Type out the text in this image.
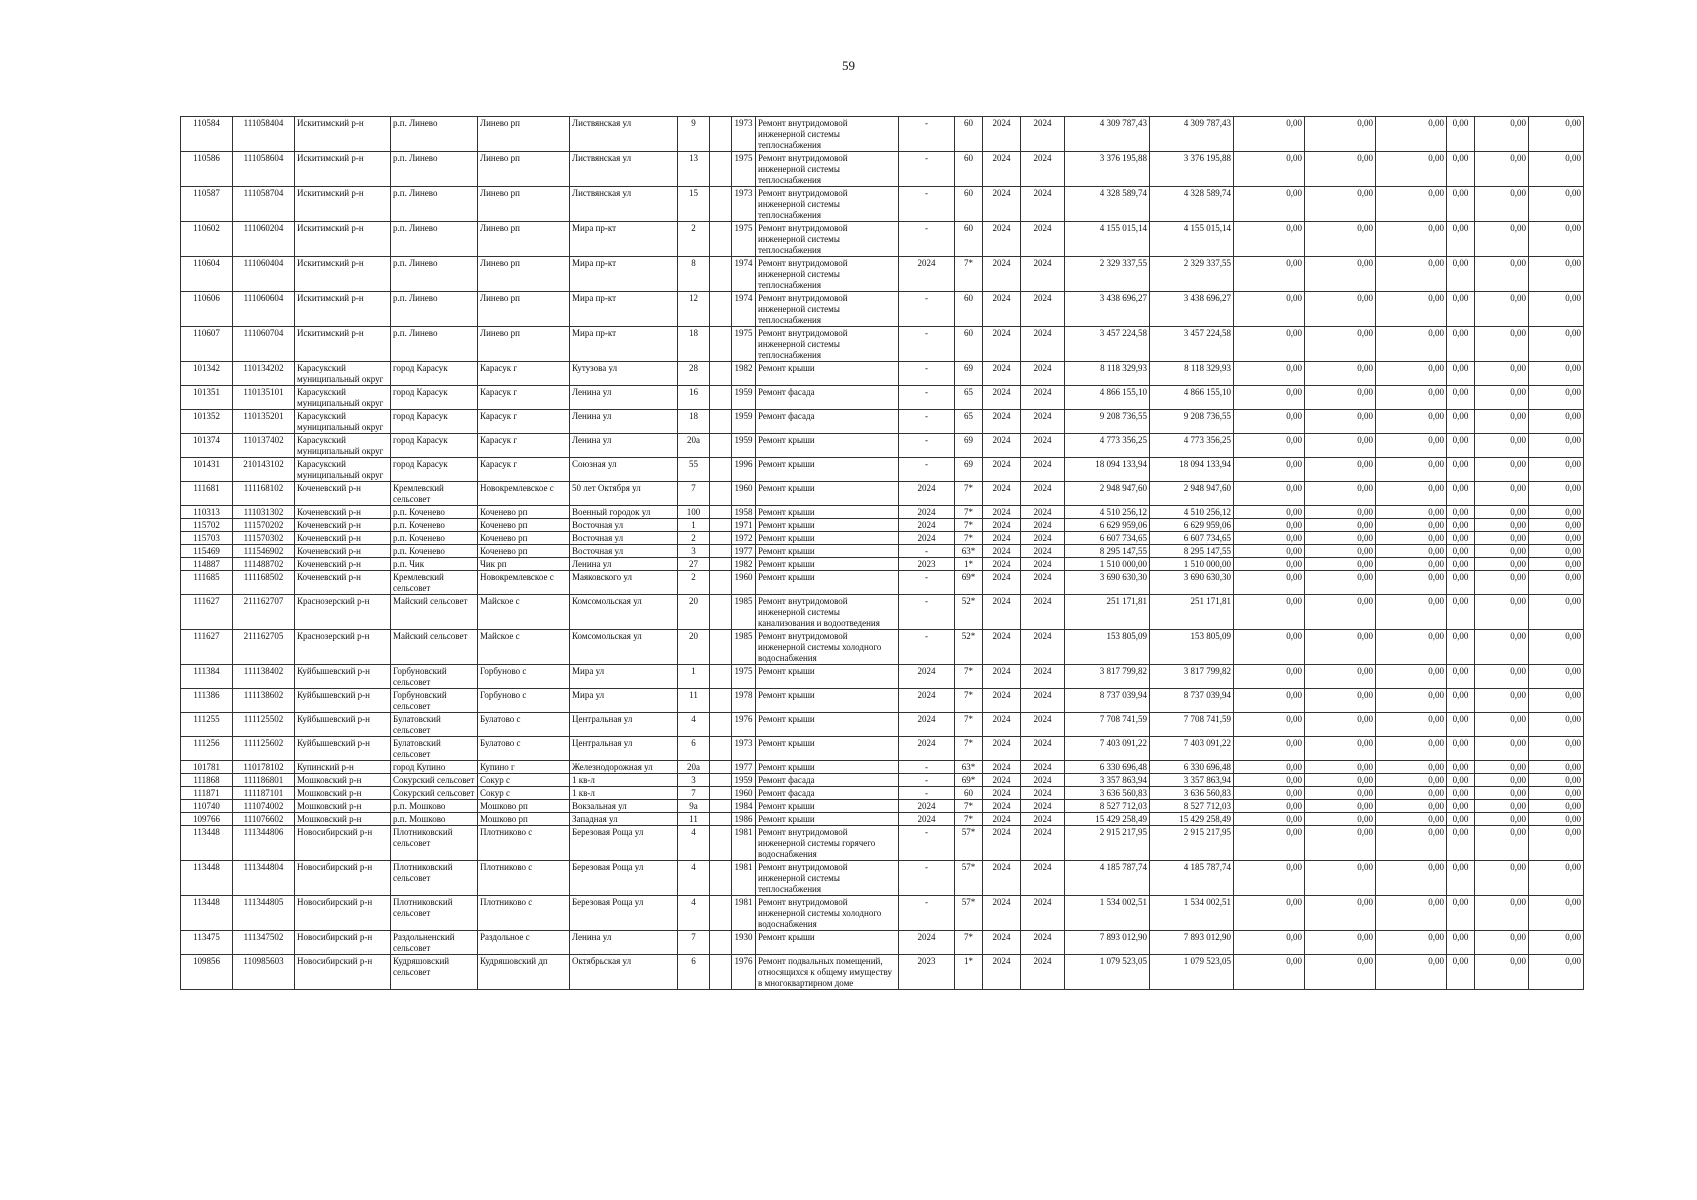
59
110584	111058404	Искитимский р-н	р.п. Линево	Линево рп	Листвянская ул	9		1973	Ремонт внутридомовой инженерной системы теплоснабжения	-	60	2024	2024	4 309 787,43	4 309 787,43	0,00	0,00	0,00	0,00	0,00	0,00
110586	111058604	Искитимский р-н	р.п. Линево	Линево рп	Листвянская ул	13		1975	Ремонт внутридомовой инженерной системы теплоснабжения	-	60	2024	2024	3 376 195,88	3 376 195,88	0,00	0,00	0,00	0,00	0,00	0,00
110587	111058704	Искитимский р-н	р.п. Линево	Линево рп	Листвянская ул	15		1973	Ремонт внутридомовой инженерной системы теплоснабжения	-	60	2024	2024	4 328 589,74	4 328 589,74	0,00	0,00	0,00	0,00	0,00	0,00
110602	111060204	Искитимский р-н	р.п. Линево	Линево рп	Мира пр-кт	2		1975	Ремонт внутридомовой инженерной системы теплоснабжения	-	60	2024	2024	4 155 015,14	4 155 015,14	0,00	0,00	0,00	0,00	0,00	0,00
110604	111060404	Искитимский р-н	р.п. Линево	Линево рп	Мира пр-кт	8		1974	Ремонт внутридомовой инженерной системы теплоснабжения	2024	7*	2024	2024	2 329 337,55	2 329 337,55	0,00	0,00	0,00	0,00	0,00	0,00
110606	111060604	Искитимский р-н	р.п. Линево	Линево рп	Мира пр-кт	12		1974	Ремонт внутридомовой инженерной системы теплоснабжения	-	60	2024	2024	3 438 696,27	3 438 696,27	0,00	0,00	0,00	0,00	0,00	0,00
110607	111060704	Искитимский р-н	р.п. Линево	Линево рп	Мира пр-кт	18		1975	Ремонт внутридомовой инженерной системы теплоснабжения	-	60	2024	2024	3 457 224,58	3 457 224,58	0,00	0,00	0,00	0,00	0,00	0,00
101342	110134202	Карасукский муниципальный округ	город Карасук	Карасук г	Кутузова ул	28		1982	Ремонт крыши	-	69	2024	2024	8 118 329,93	8 118 329,93	0,00	0,00	0,00	0,00	0,00	0,00
101351	110135101	Карасукский муниципальный округ	город Карасук	Карасук г	Ленина ул	16		1959	Ремонт фасада	-	65	2024	2024	4 866 155,10	4 866 155,10	0,00	0,00	0,00	0,00	0,00	0,00
101352	110135201	Карасукский муниципальный округ	город Карасук	Карасук г	Ленина ул	18		1959	Ремонт фасада	-	65	2024	2024	9 208 736,55	9 208 736,55	0,00	0,00	0,00	0,00	0,00	0,00
101374	110137402	Карасукский муниципальный округ	город Карасук	Карасук г	Ленина ул	20а		1959	Ремонт крыши	-	69	2024	2024	4 773 356,25	4 773 356,25	0,00	0,00	0,00	0,00	0,00	0,00
101431	210143102	Карасукский муниципальный округ	город Карасук	Карасук г	Союзная ул	55		1996	Ремонт крыши	-	69	2024	2024	18 094 133,94	18 094 133,94	0,00	0,00	0,00	0,00	0,00	0,00
111681	111168102	Коченевский р-н	Кремлевский сельсовет	Новокремлевское с	50 лет Октября ул	7		1960	Ремонт крыши	2024	7*	2024	2024	2 948 947,60	2 948 947,60	0,00	0,00	0,00	0,00	0,00	0,00
110313	111031302	Коченевский р-н	р.п. Коченево	Коченево рп	Военный городок ул	100		1958	Ремонт крыши	2024	7*	2024	2024	4 510 256,12	4 510 256,12	0,00	0,00	0,00	0,00	0,00	0,00
115702	111570202	Коченевский р-н	р.п. Коченево	Коченево рп	Восточная ул	1		1971	Ремонт крыши	2024	7*	2024	2024	6 629 959,06	6 629 959,06	0,00	0,00	0,00	0,00	0,00	0,00
115703	111570302	Коченевский р-н	р.п. Коченево	Коченево рп	Восточная ул	2		1972	Ремонт крыши	2024	7*	2024	2024	6 607 734,65	6 607 734,65	0,00	0,00	0,00	0,00	0,00	0,00
115469	111546902	Коченевский р-н	р.п. Коченево	Коченево рп	Восточная ул	3		1977	Ремонт крыши	-	63*	2024	2024	8 295 147,55	8 295 147,55	0,00	0,00	0,00	0,00	0,00	0,00
114887	111488702	Коченевский р-н	р.п. Чик	Чик рп	Ленина ул	27		1982	Ремонт крыши	2023	1*	2024	2024	1 510 000,00	1 510 000,00	0,00	0,00	0,00	0,00	0,00	0,00
111685	111168502	Коченевский р-н	Кремлевский сельсовет	Новокремлевское с	Маяковского ул	2		1960	Ремонт крыши	-	69*	2024	2024	3 690 630,30	3 690 630,30	0,00	0,00	0,00	0,00	0,00	0,00
111627	211162707	Краснозерский р-н	Майский сельсовет	Майское с	Комсомольская ул	20		1985	Ремонт внутридомовой инженерной системы канализования и водоотведения	-	52*	2024	2024	251 171,81	251 171,81	0,00	0,00	0,00	0,00	0,00	0,00
111627	211162705	Краснозерский р-н	Майский сельсовет	Майское с	Комсомольская ул	20		1985	Ремонт внутридомовой инженерной системы холодного водоснабжения	-	52*	2024	2024	153 805,09	153 805,09	0,00	0,00	0,00	0,00	0,00	0,00
111384	111138402	Куйбышевский р-н	Горбуновский сельсовет	Горбуново с	Мира ул	1		1975	Ремонт крыши	2024	7*	2024	2024	3 817 799,82	3 817 799,82	0,00	0,00	0,00	0,00	0,00	0,00
111386	111138602	Куйбышевский р-н	Горбуновский сельсовет	Горбуново с	Мира ул	11		1978	Ремонт крыши	2024	7*	2024	2024	8 737 039,94	8 737 039,94	0,00	0,00	0,00	0,00	0,00	0,00
111255	111125502	Куйбышевский р-н	Булатовский сельсовет	Булатово с	Центральная ул	4		1976	Ремонт крыши	2024	7*	2024	2024	7 708 741,59	7 708 741,59	0,00	0,00	0,00	0,00	0,00	0,00
111256	111125602	Куйбышевский р-н	Булатовский сельсовет	Булатово с	Центральная ул	6		1973	Ремонт крыши	2024	7*	2024	2024	7 403 091,22	7 403 091,22	0,00	0,00	0,00	0,00	0,00	0,00
101781	110178102	Купинский р-н	город Купино	Купино г	Железнодорожная ул	20а		1977	Ремонт крыши	-	63*	2024	2024	6 330 696,48	6 330 696,48	0,00	0,00	0,00	0,00	0,00	0,00
111868	111186801	Мошковский р-н	Сокурский сельсовет	Сокур с	1 кв-л	3		1959	Ремонт фасада	-	69*	2024	2024	3 357 863,94	3 357 863,94	0,00	0,00	0,00	0,00	0,00	0,00
111871	111187101	Мошковский р-н	Сокурский сельсовет	Сокур с	1 кв-л	7		1960	Ремонт фасада	-	60	2024	2024	3 636 560,83	3 636 560,83	0,00	0,00	0,00	0,00	0,00	0,00
110740	111074002	Мошковский р-н	р.п. Мошково	Мошково рп	Вокзальная ул	9а		1984	Ремонт крыши	2024	7*	2024	2024	8 527 712,03	8 527 712,03	0,00	0,00	0,00	0,00	0,00	0,00
109766	111076602	Мошковский р-н	р.п. Мошково	Мошково рп	Западная ул	11		1986	Ремонт крыши	2024	7*	2024	2024	15 429 258,49	15 429 258,49	0,00	0,00	0,00	0,00	0,00	0,00
113448	111344806	Новосибирский р-н	Плотниковский сельсовет	Плотниково с	Березовая Роща ул	4		1981	Ремонт внутридомовой инженерной системы горячего водоснабжения	-	57*	2024	2024	2 915 217,95	2 915 217,95	0,00	0,00	0,00	0,00	0,00	0,00
113448	111344804	Новосибирский р-н	Плотниковский сельсовет	Плотниково с	Березовая Роща ул	4		1981	Ремонт внутридомовой инженерной системы теплоснабжения	-	57*	2024	2024	4 185 787,74	4 185 787,74	0,00	0,00	0,00	0,00	0,00	0,00
113448	111344805	Новосибирский р-н	Плотниковский сельсовет	Плотниково с	Березовая Роща ул	4		1981	Ремонт внутридомовой инженерной системы холодного водоснабжения	-	57*	2024	2024	1 534 002,51	1 534 002,51	0,00	0,00	0,00	0,00	0,00	0,00
113475	111347502	Новосибирский р-н	Раздольненский сельсовет	Раздольное с	Ленина ул	7		1930	Ремонт крыши	2024	7*	2024	2024	7 893 012,90	7 893 012,90	0,00	0,00	0,00	0,00	0,00	0,00
109856	110985603	Новосибирский р-н	Кудряшовский сельсовет	Кудряшовский дп	Октябрьская ул	6		1976	Ремонт подвальных помещений, относящихся к общему имуществу в многоквартирном доме	2023	1*	2024	2024	1 079 523,05	1 079 523,05	0,00	0,00	0,00	0,00	0,00	0,00
